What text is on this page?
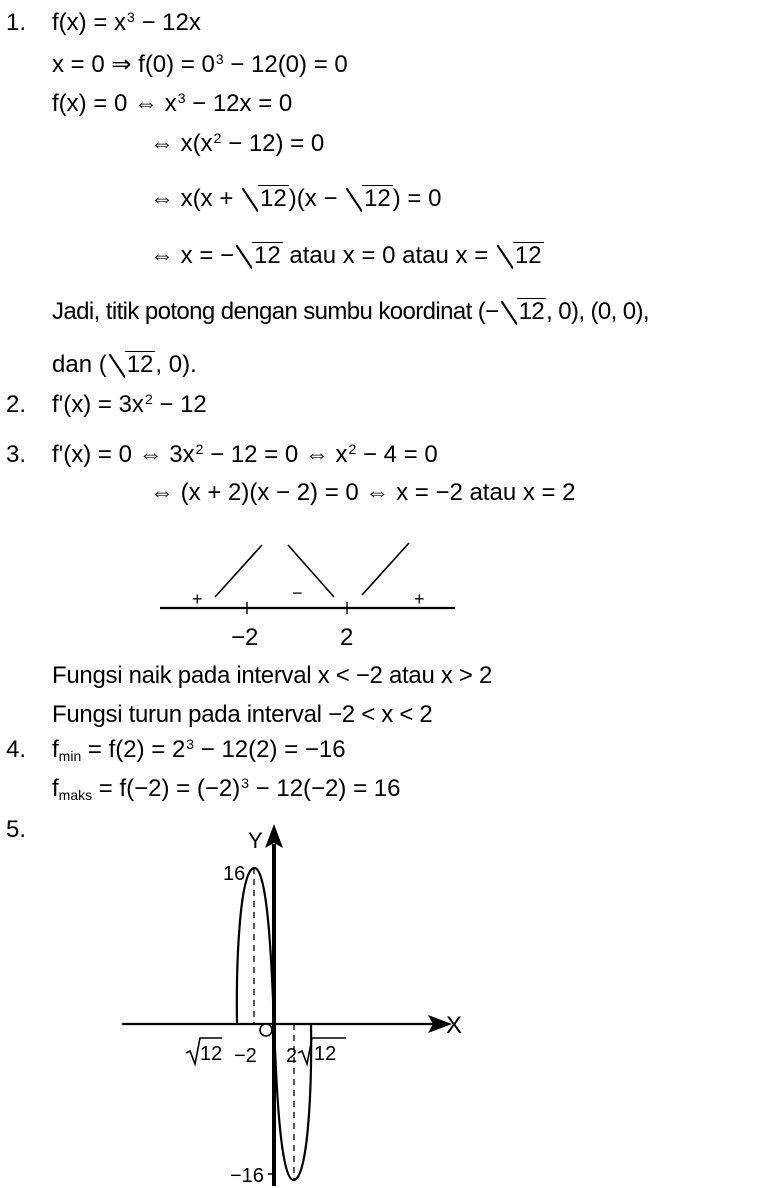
1. $f(x) = x^3 - 12x$
x = 0 ⇒ $f(0) = 0^3 - 12(0) = 0$
f(x) = 0 ⇔ $x^3 - 12x = 0$
⇔ $x(x^2 - 12) = 0$
⇔ x(x + 12)(x − 12) = 0
⇔ x = − 12 atau x = 0 atau x = 12
Jadi, titik potong dengan sumbu koordinat (− 12, 0), (0, 0),
dan ( 12, 0).
2. $f'(x) = 3x^2 - 12$
3. f'(x) = 0 ⇔ $3x^2 - 12 = 0$ ⇔ $x^2 - 4 = 0$
⇔ (x + 2)(x − 2) = 0 ⇔ x = −2 atau x = 2
+	−	+
−2	2
Fungsi naik pada interval x < −2 atau x > 2
Fungsi turun pada interval −2 < x < 2
4. $f_{min} = f(2) = 2^3 - 12(2) = -16$
$f_{maks} = f(-2) = (-2)^3 - 12(-2) = 16$
5.
X
Y
16
−16
12 −2 2 12
